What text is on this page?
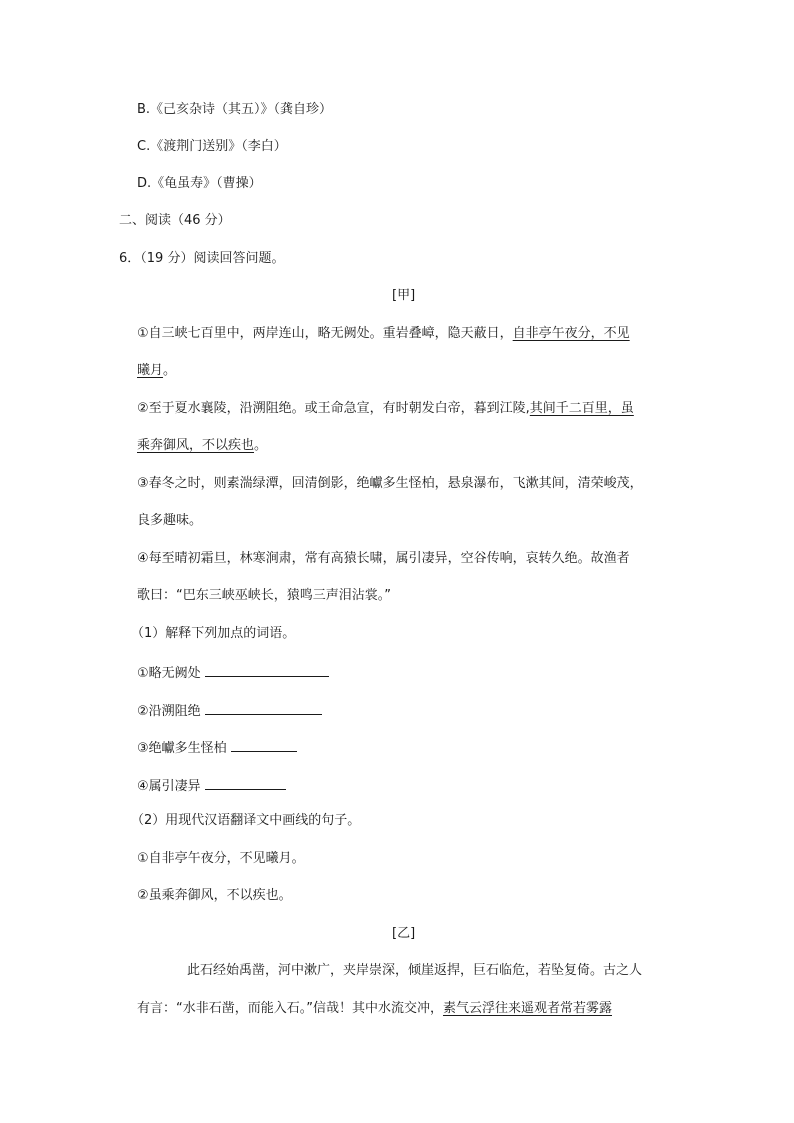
B.《己亥杂诗（其五）》（龚自珍）
C.《渡荆门送别》（李白）
D.《龟虽寿》（曹操）
二、阅读（46 分）
6．（19 分）阅读回答问题。
[甲]
①自三峡七百里中，两岸连山，略无阙处。重岩叠嶂，隐天蔽日，自非亭午夜分，不见
曦月。
②至于夏水襄陵，沿溯阻绝。或王命急宣，有时朝发白帝，暮到江陵,其间千二百里，虽
乘奔御风，不以疾也。
③春冬之时，则素湍绿潭，回清倒影，绝巘多生怪柏，悬泉瀑布，飞漱其间，清荣峻茂，
良多趣味。
④每至晴初霜旦，林寒涧肃，常有高猿长啸，属引凄异，空谷传响，哀转久绝。故渔者
歌曰：“巴东三峡巫峡长，猿鸣三声泪沾裳。”
（1）解释下列加点的词语。
①略无阙处
②沿溯阻绝
③绝巘多生怪柏
④属引凄异
（2）用现代汉语翻译文中画线的句子。
①自非亭午夜分，不见曦月。
②虽乘奔御风，不以疾也。
[乙]
此石经始禹凿，河中漱广，夹岸崇深，倾崖返捍，巨石临危，若坠复倚。古之人
有言：“水非石凿，而能入石。”信哉！其中水流交冲，素气云浮往来遥观者常若雾露
